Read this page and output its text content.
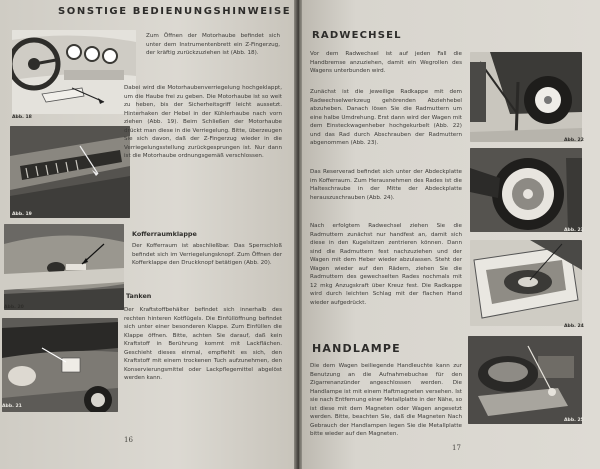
SONSTIGE BEDIENUNGSHINWEISE
Abb. 18
Abb. 19
Abb. 20
Abb. 21
Zum Öffnen der Motorhaube befindet sich unter dem Instrumentenbrett ein Z-Fingerzug, der kräftig zurückzuziehen ist (Abb. 18).
Dabei wird die Motorhaubenverriegelung hochgeklappt, um die Haube frei zu geben. Die Motorhaube ist so weit zu heben, bis der Sicherheitsgriff leicht aussetzt. Hinterhaken der Hebel in der Kühlerhaube nach vorn ziehen (Abb. 19). Beim Schließen der Motorhaube drückt man diese in die Verriegelung. Bitte, überzeugen Sie sich davon, daß der Z-Fingerzug wieder in die Verriegelungsstellung zurückgesprungen ist. Nur dann ist die Motorhaube ordnungsgemäß verschlossen.
Kofferraumklappe
Der Kofferraum ist abschließbar. Das Sperrschloß befindet sich im Verriegelungsknopf. Zum Öffnen der Kofferklappe den Druckknopf betätigen (Abb. 20).
Tanken
Der Kraftstoffbehälter befindet sich innerhalb des rechten hinteren Kotflügels. Die Einfüllöffnung befindet sich unter einer besonderen Klappe. Zum Einfüllen die Klappe öffnen. Bitte, achten Sie darauf, daß kein Kraftstoff in Berührung kommt mit Lackflächen. Geschieht dieses einmal, empfiehlt es sich, den Kraftstoff mit einem trockenen Tuch aufzunehmen, den Konservierungsmittel oder Lackpflegemittel abgelöst werden kann.
16
RADWECHSEL
Vor dem Radwechsel ist auf jeden Fall die Handbremse anzuziehen, damit ein Wegrollen des Wagens unterbunden wird.
Zunächst ist die jeweilige Radkappe mit dem Radwechselwerkzeug gehörenden Abziehhebel abzuheben. Danach lösen Sie die Radmuttern um eine halbe Umdrehung. Erst dann wird der Wagen mit dem Einsteckwagenheber hochgekurbelt (Abb. 22) und das Rad durch Abschrauben der Radmuttern abgenommen (Abb. 23).
Das Reserverad befindet sich unter der Abdeckplatte im Kofferraum. Zum Herausnehmen des Rades ist die Halteschraube in der Mitte der Abdeckplatte herauszuschrauben (Abb. 24).
Nach erfolgtem Radwechsel ziehen Sie die Radmuttern zunächst nur handfest an, damit sich diese in den Kugelsitzen zentrieren können. Dann sind die Radmuttern fest nachzuziehen und der Wagen mit dem Heber wieder abzulassen. Steht der Wagen wieder auf den Rädern, ziehen Sie die Radmuttern des gewechselten Rades nochmals mit 12 mkg Anzugskraft über Kreuz fest. Die Radkappe wird durch leichten Schlag mit der flachen Hand wieder aufgedrückt.
HANDLAMPE
Die dem Wagen beiliegende Handleuchte kann zur Benutzung an die Aufnahmebuchse für den Zigarrenanzünder angeschlossen werden. Die Handlampe ist mit einem Haftmagneten versehen. Ist sie nach Entfernung einer Metallplatte in der Nähe, so ist diese mit dem Magneten oder Wagen angesetzt werden. Bitte, beachten Sie, daß die Magneten Nach Gebrauch der Handlampen legen Sie die Metallplatte bitte wieder auf den Magneten.
Abb. 22
Abb. 23
Abb. 24
Abb. 25
17
